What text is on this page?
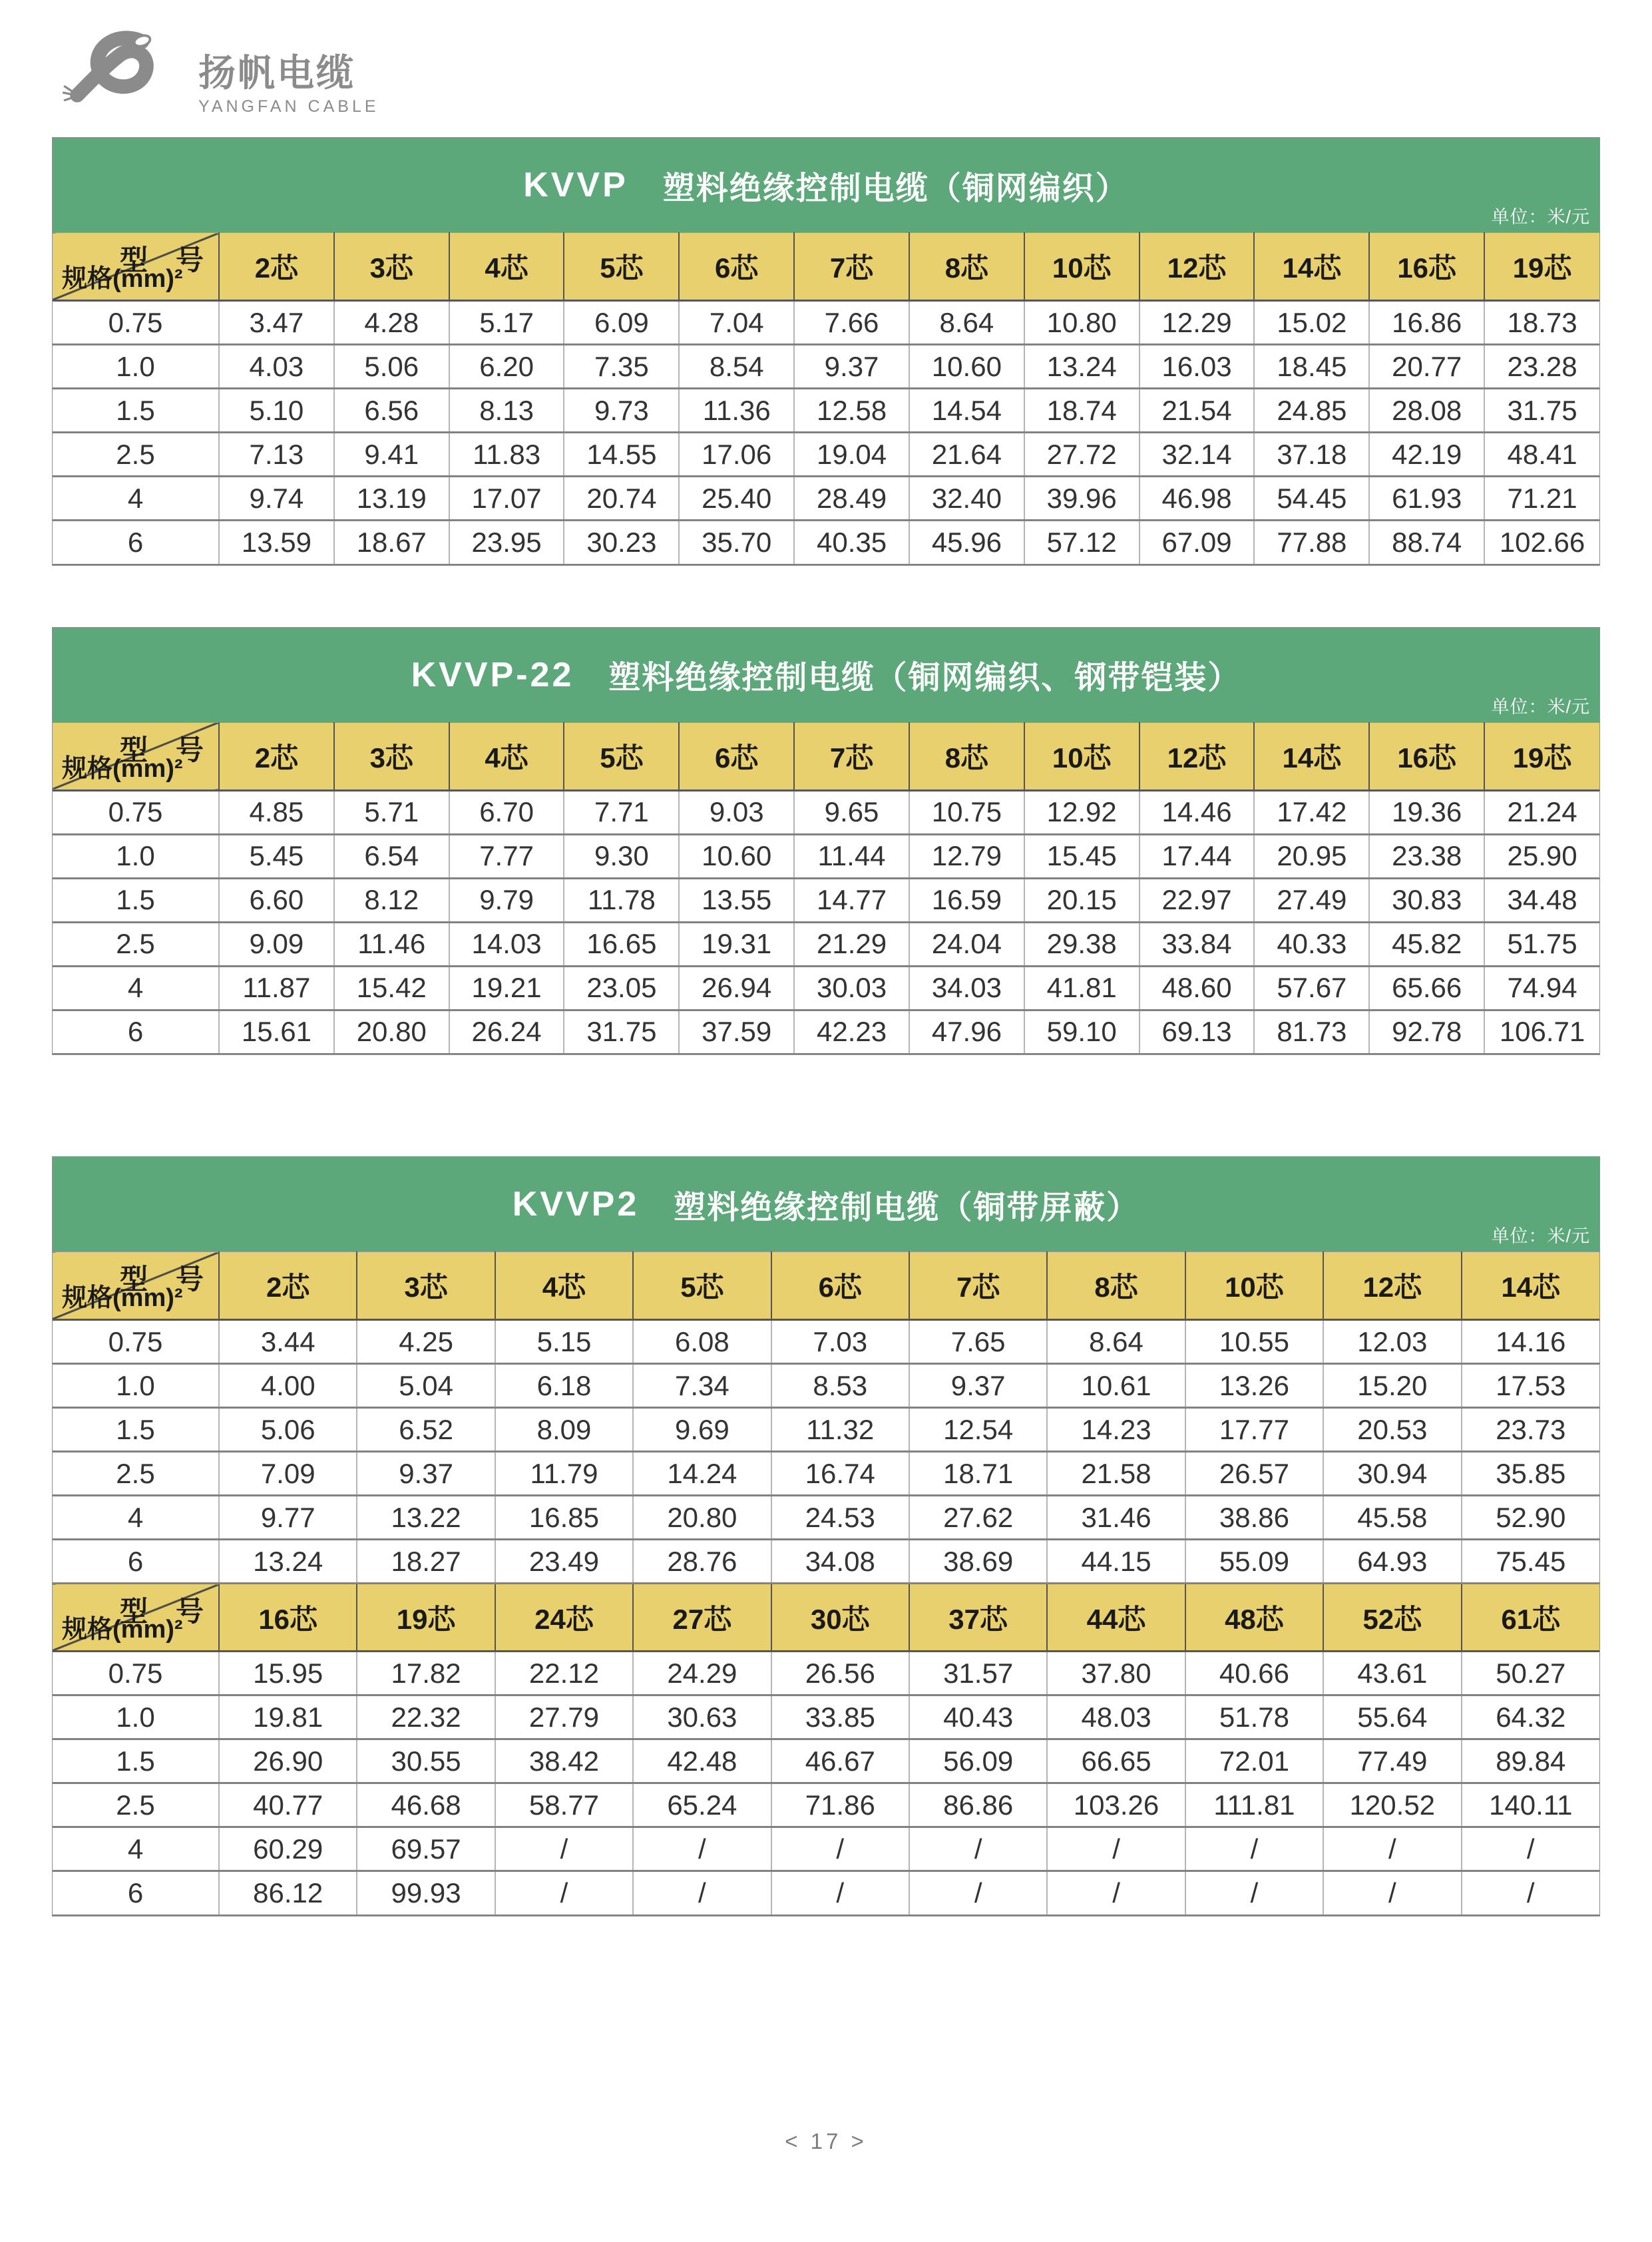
扬帆电缆
YANGFAN CABLE
KVVP 塑料绝缘控制电缆（铜网编织）
单位：米/元
型　号
规格(mm)²	2芯	3芯	4芯	5芯	6芯	7芯	8芯	10芯	12芯	14芯	16芯	19芯
0.75	3.47	4.28	5.17	6.09	7.04	7.66	8.64	10.80	12.29	15.02	16.86	18.73
1.0	4.03	5.06	6.20	7.35	8.54	9.37	10.60	13.24	16.03	18.45	20.77	23.28
1.5	5.10	6.56	8.13	9.73	11.36	12.58	14.54	18.74	21.54	24.85	28.08	31.75
2.5	7.13	9.41	11.83	14.55	17.06	19.04	21.64	27.72	32.14	37.18	42.19	48.41
4	9.74	13.19	17.07	20.74	25.40	28.49	32.40	39.96	46.98	54.45	61.93	71.21
6	13.59	18.67	23.95	30.23	35.70	40.35	45.96	57.12	67.09	77.88	88.74	102.66
KVVP-22 塑料绝缘控制电缆（铜网编织、钢带铠装）
单位：米/元
型　号
规格(mm)²	2芯	3芯	4芯	5芯	6芯	7芯	8芯	10芯	12芯	14芯	16芯	19芯
0.75	4.85	5.71	6.70	7.71	9.03	9.65	10.75	12.92	14.46	17.42	19.36	21.24
1.0	5.45	6.54	7.77	9.30	10.60	11.44	12.79	15.45	17.44	20.95	23.38	25.90
1.5	6.60	8.12	9.79	11.78	13.55	14.77	16.59	20.15	22.97	27.49	30.83	34.48
2.5	9.09	11.46	14.03	16.65	19.31	21.29	24.04	29.38	33.84	40.33	45.82	51.75
4	11.87	15.42	19.21	23.05	26.94	30.03	34.03	41.81	48.60	57.67	65.66	74.94
6	15.61	20.80	26.24	31.75	37.59	42.23	47.96	59.10	69.13	81.73	92.78	106.71
KVVP2 塑料绝缘控制电缆（铜带屏蔽）
单位：米/元
型　号
规格(mm)²	2芯	3芯	4芯	5芯	6芯	7芯	8芯	10芯	12芯	14芯
0.75	3.44	4.25	5.15	6.08	7.03	7.65	8.64	10.55	12.03	14.16
1.0	4.00	5.04	6.18	7.34	8.53	9.37	10.61	13.26	15.20	17.53
1.5	5.06	6.52	8.09	9.69	11.32	12.54	14.23	17.77	20.53	23.73
2.5	7.09	9.37	11.79	14.24	16.74	18.71	21.58	26.57	30.94	35.85
4	9.77	13.22	16.85	20.80	24.53	27.62	31.46	38.86	45.58	52.90
6	13.24	18.27	23.49	28.76	34.08	38.69	44.15	55.09	64.93	75.45

型　号
规格(mm)²	16芯	19芯	24芯	27芯	30芯	37芯	44芯	48芯	52芯	61芯
0.75	15.95	17.82	22.12	24.29	26.56	31.57	37.80	40.66	43.61	50.27
1.0	19.81	22.32	27.79	30.63	33.85	40.43	48.03	51.78	55.64	64.32
1.5	26.90	30.55	38.42	42.48	46.67	56.09	66.65	72.01	77.49	89.84
2.5	40.77	46.68	58.77	65.24	71.86	86.86	103.26	111.81	120.52	140.11
4	60.29	69.57	/	/	/	/	/	/	/	/
6	86.12	99.93	/	/	/	/	/	/	/	/
< 17 >
